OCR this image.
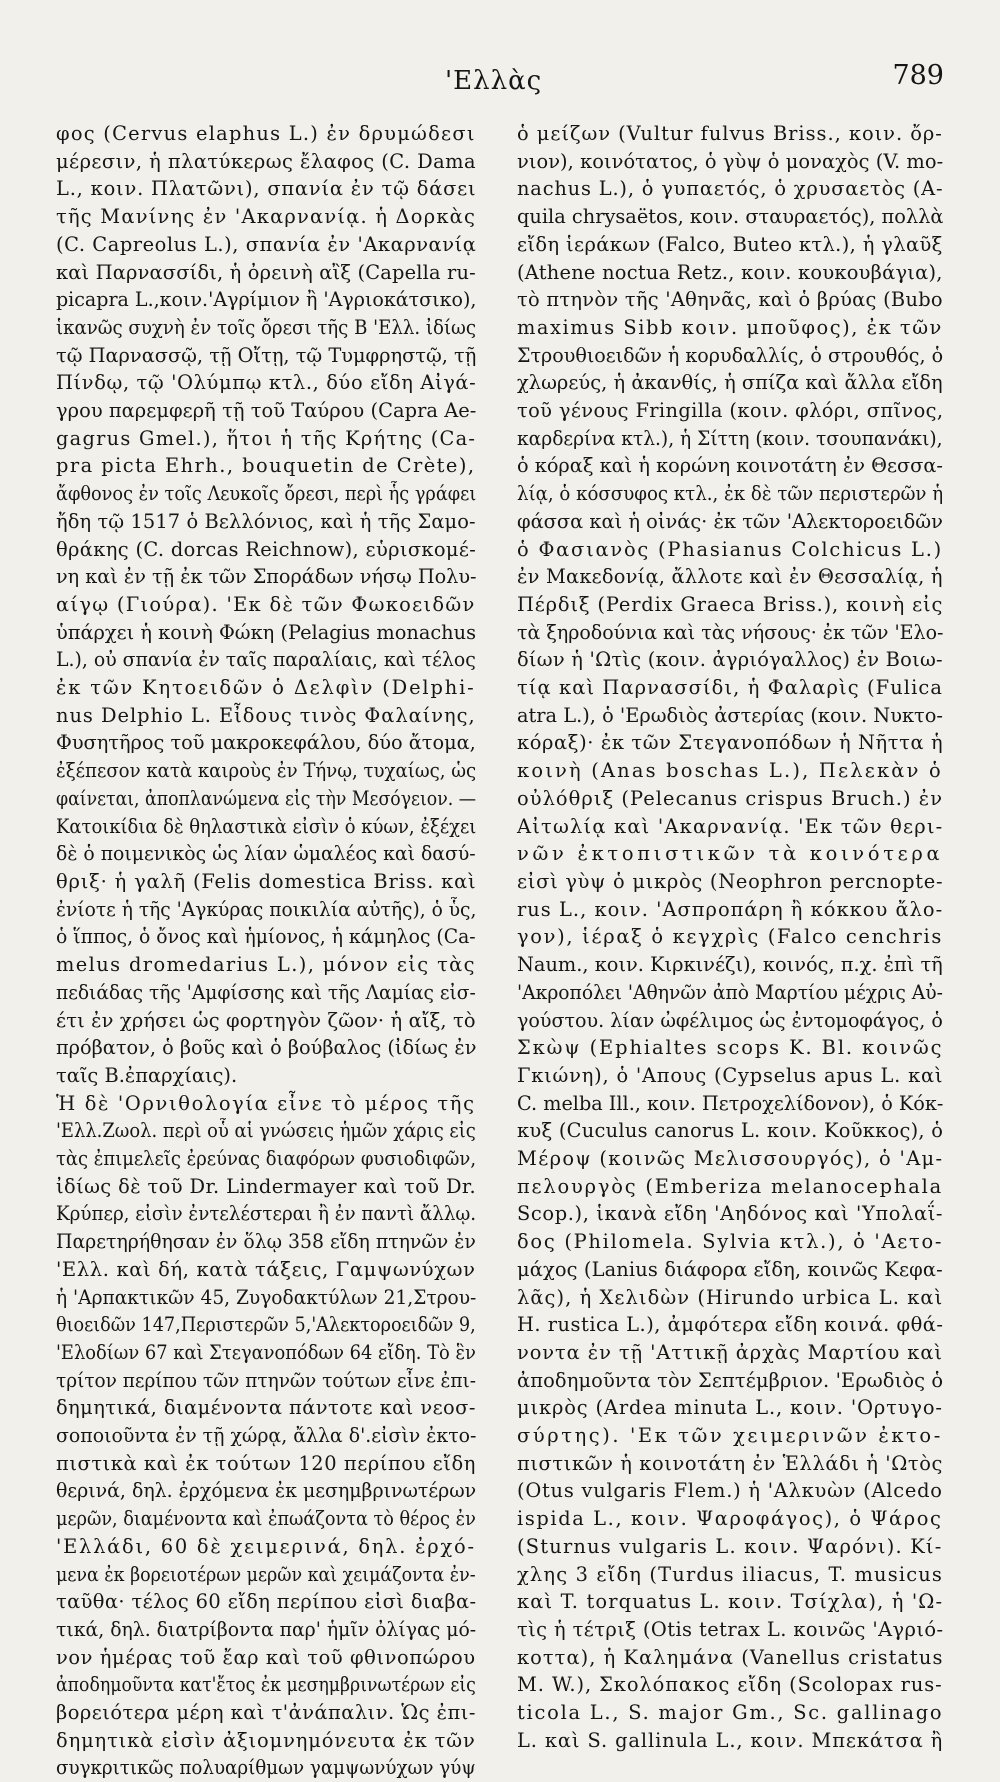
'Ελλὰς	789

φος (Cervus elaphus L.) ἐν δρυμώδεσι

μέρεσιν, ἡ πλατύκερως ἔλαφος (C. Dama

L., κοιν. Πλατῶνι), σπανία ἐν τῷ δάσει

τῆς Μανίνης ἐν 'Ακαρνανίᾳ. ἡ Δορκὰς

(C. Capreolus L.), σπανία ἐν 'Ακαρνανίᾳ

καὶ Παρνασσίδι, ἡ ὀρεινὴ αἲξ (Capella ru-

picapra L.,κοιν.'Αγρίμιον ἢ 'Αγριοκάτσικο),

ἱκανῶς συχνὴ ἐν τοῖς ὄρεσι τῆς Β 'Ελλ. ἰδίως

τῷ Παρνασσῷ, τῇ Οἴτῃ, τῷ Τυμφρηστῷ, τῇ

Πίνδῳ, τῷ 'Ολύμπῳ κτλ., δύο εἴδη Αἰγά-

γρου παρεμφερῆ τῇ τοῦ Ταύρου (Capra Ae-

gagrus Gmel.), ἥτοι ἡ τῆς Κρήτης (Ca-

pra picta Ehrh., bouquetin de Crète),

ἄφθονος ἐν τοῖς Λευκοῖς ὄρεσι, περὶ ἧς γράφει

ἤδη τῷ 1517 ὁ Βελλόνιος, καὶ ἡ τῆς Σαμο-

θράκης (C. dorcas Reichnow), εὑρισκομέ-

νη καὶ ἐν τῇ ἐκ τῶν Σποράδων νήσῳ Πολυ-

αίγῳ (Γιούρα). 'Εκ δὲ τῶν Φωκοειδῶν

ὑπάρχει ἡ κοινὴ Φώκη (Pelagius monachus

L.), οὐ σπανία ἐν ταῖς παραλίαις, καὶ τέλος

ἐκ τῶν Κητοειδῶν ὁ Δελφὶν (Delphi-

nus Delphio L. Εἶδους τινὸς Φαλαίνης,

Φυσητῆρος τοῦ μακροκεφάλου, δύο ἄτομα,

ἐξέπεσον κατὰ καιροὺς ἐν Τήνῳ, τυχαίως, ὡς

φαίνεται, ἀποπλανώμενα εἰς τὴν Μεσόγειον. —

Κατοικίδια δὲ θηλαστικὰ εἰσὶν ὁ κύων, ἐξέχει

δὲ ὁ ποιμενικὸς ὡς λίαν ὡμαλέος καὶ δασύ-

θριξ· ἡ γαλῆ (Felis domestica Briss. καὶ

ἐνίοτε ἡ τῆς 'Αγκύρας ποικιλία αὐτῆς), ὁ ὗς,

ὁ ἵππος, ὁ ὄνος καὶ ἡμίονος, ἡ κάμηλος (Ca-

melus dromedarius L.), μόνον εἰς τὰς

πεδιάδας τῆς 'Αμφίσσης καὶ τῆς Λαμίας εἰσ-

έτι ἐν χρήσει ὡς φορτηγὸν ζῶον· ἡ αἴξ, τὸ

πρόβατον, ὁ βοῦς καὶ ὁ βούβαλος (ἰδίως ἐν

ταῖς Β.ἐπαρχίαις).

Ἡ δὲ 'Ορνιθολογία εἶνε τὸ μέρος τῆς

'Ελλ.Ζωολ. περὶ οὗ αἱ γνώσεις ἡμῶν χάρις εἰς

τὰς ἐπιμελεῖς ἐρεύνας διαφόρων φυσιοδιφῶν,

ἰδίως δὲ τοῦ Dr. Lindermayer καὶ τοῦ Dr.

Κρύπερ, εἰσὶν ἐντελέστεραι ἢ ἐν παντὶ ἄλλῳ.

Παρετηρήθησαν ἐν ὅλῳ 358 εἴδη πτηνῶν ἐν

'Ελλ. καὶ δή, κατὰ τάξεις, Γαμψωνύχων

ἡ 'Αρπακτικῶν 45, Ζυγοδακτύλων 21,Στρου-

θιοειδῶν 147,Περιστερῶν 5,'Αλεκτοροειδῶν 9,

'Ελοδίων 67 καὶ Στεγανοπόδων 64 εἴδη. Τὸ ἓν

τρίτον περίπου τῶν πτηνῶν τούτων εἶνε ἐπι-

δημητικά, διαμένοντα πάντοτε καὶ νεοσ-

σοποιοῦντα ἐν τῇ χώρᾳ, ἄλλα δ'.εἰσὶν ἐκτο-

πιστικὰ καὶ ἐκ τούτων 120 περίπου εἴδη

θερινά, δηλ. ἐρχόμενα ἐκ μεσημβρινωτέρων

μερῶν, διαμένοντα καὶ ἐπωάζοντα τὸ θέρος ἐν

'Ελλάδι, 60 δὲ χειμερινά, δηλ. ἐρχό-

μενα ἐκ βορειοτέρων μερῶν καὶ χειμάζοντα ἐν-

ταῦθα· τέλος 60 εἴδη περίπου εἰσὶ διαβα-

τικά, δηλ. διατρίβοντα παρ' ἡμῖν ὀλίγας μό-

νον ἡμέρας τοῦ ἔαρ καὶ τοῦ φθινοπώρου

ἀποδημοῦντα κατ'ἔτος ἐκ μεσημβρινωτέρων εἰς

βορειότερα μέρη καὶ τ'ἀνάπαλιν. Ὡς ἐπι-

δημητικὰ εἰσὶν ἀξιομνημόνευτα ἐκ τῶν

συγκριτικῶς πολυαρίθμων γαμψωνύχων γύψ

ὁ μείζων (Vultur fulvus Briss., κοιν. ὄρ-

νιον), κοινότατος, ὁ γὺψ ὁ μοναχὸς (V. mo-

nachus L.), ὁ γυπαετός, ὁ χρυσαετὸς (A-

quila chrysaëtos, κοιν. σταυραετός), πολλὰ

εἴδη ἱεράκων (Falco, Buteo κτλ.), ἡ γλαῦξ

(Athene noctua Retz., κοιν. κουκουβάγια),

τὸ πτηνὸν τῆς 'Αθηνᾶς, καὶ ὁ βρύας (Bubo

maximus Sibb κοιν. μποῦφος), ἐκ τῶν

Στρουθιοειδῶν ἡ κορυδαλλίς, ὁ στρουθός, ὁ

χλωρεύς, ἡ ἀκανθίς, ἡ σπίζα καὶ ἄλλα εἴδη

τοῦ γένους Fringilla (κοιν. φλόρι, σπῖνος,

καρδερίνα κτλ.), ἡ Σίττη (κοιν. τσουπανάκι),

ὁ κόραξ καὶ ἡ κορώνη κοινοτάτη ἐν Θεσσα-

λίᾳ, ὁ κόσσυφος κτλ., ἐκ δὲ τῶν περιστερῶν ἡ

φάσσα καὶ ἡ οἰνάς· ἐκ τῶν 'Αλεκτοροειδῶν

ὁ Φασιανὸς (Phasianus Colchicus L.)

ἐν Μακεδονίᾳ, ἄλλοτε καὶ ἐν Θεσσαλίᾳ, ἡ

Πέρδιξ (Perdix Graeca Briss.), κοινὴ εἰς

τὰ ξηροδούνια καὶ τὰς νήσους· ἐκ τῶν 'Ελο-

δίων ἡ 'Ωτὶς (κοιν. ἀγριόγαλλος) ἐν Βοιω-

τίᾳ καὶ Παρνασσίδι, ἡ Φαλαρὶς (Fulica

atra L.), ὁ 'Ερωδιὸς ἀστερίας (κοιν. Νυκτο-

κόραξ)· ἐκ τῶν Στεγανοπόδων ἡ Νῆττα ἡ

κοινὴ (Anas boschas L.), Πελεκὰν ὁ

οὐλόθριξ (Pelecanus crispus Bruch.) ἐν

Αἰτωλίᾳ καὶ 'Ακαρνανίᾳ. 'Εκ τῶν θερι-

νῶν ἐκτοπιστικῶν τὰ κοινότερα

εἰσὶ γὺψ ὁ μικρὸς (Neophron percnopte-

rus L., κοιν. 'Ασπροπάρη ἢ κόκκου ἄλο-

γον), ἱέραξ ὁ κεγχρὶς (Falco cenchris

Naum., κοιν. Κιρκινέζι), κοινός, π.χ. ἐπὶ τῆ

'Ακροπόλει 'Αθηνῶν ἀπὸ Μαρτίου μέχρις Αὐ-

γούστου. λίαν ὠφέλιμος ὡς ἐντομοφάγος, ὁ

Σκὼψ (Ephialtes scops K. Bl. κοινῶς

Γκιώνη), ὁ 'Απους (Cypselus apus L. καὶ

C. melba Ill., κοιν. Πετροχελίδονον), ὁ Κόκ-

κυξ (Cuculus canorus L. κοιν. Κοῦκκος), ὁ

Μέροψ (κοινῶς Μελισσουργός), ὁ 'Αμ-

πελουργὸς (Emberiza melanocephala

Scop.), ἱκανὰ εἴδη 'Αηδόνος καὶ 'Υπολαΐ-

δος (Philomela. Sylvia κτλ.), ὁ 'Αετο-

μάχος (Lanius διάφορα εἴδη, κοινῶς Κεφα-

λᾶς), ἡ Χελιδὼν (Hirundo urbica L. καὶ

H. rustica L.), ἀμφότερα εἴδη κοινά. φθά-

νοντα ἐν τῇ 'Αττικῇ ἀρχὰς Μαρτίου καὶ

ἀποδημοῦντα τὸν Σεπτέμβριον. 'Ερωδιὸς ὁ

μικρὸς (Ardea minuta L., κοιν. 'Ορτυγο-

σύρτης). 'Εκ τῶν χειμερινῶν ἐκτο-

πιστικῶν ἡ κοινοτάτη ἐν Ἑλλάδι ἡ 'Ωτὸς

(Otus vulgaris Flem.) ἡ 'Αλκυὼν (Alcedo

ispida L., κοιν. Ψαροφάγος), ὁ Ψάρος

(Sturnus vulgaris L. κοιν. Ψαρόνι). Κί-

χλης 3 εἴδη (Turdus iliacus, T. musicus

καὶ T. torquatus L. κοιν. Τσίχλα), ἡ 'Ω-

τὶς ἡ τέτριξ (Otis tetrax L. κοινῶς 'Αγριό-

κοττα), ἡ Καλημάνα (Vanellus cristatus

M. W.), Σκολόπακος εἴδη (Scolopax rus-

ticola L., S. major Gm., Sc. gallinago

L. καὶ S. gallinula L., κοιν. Μπεκάτσα ἢ
